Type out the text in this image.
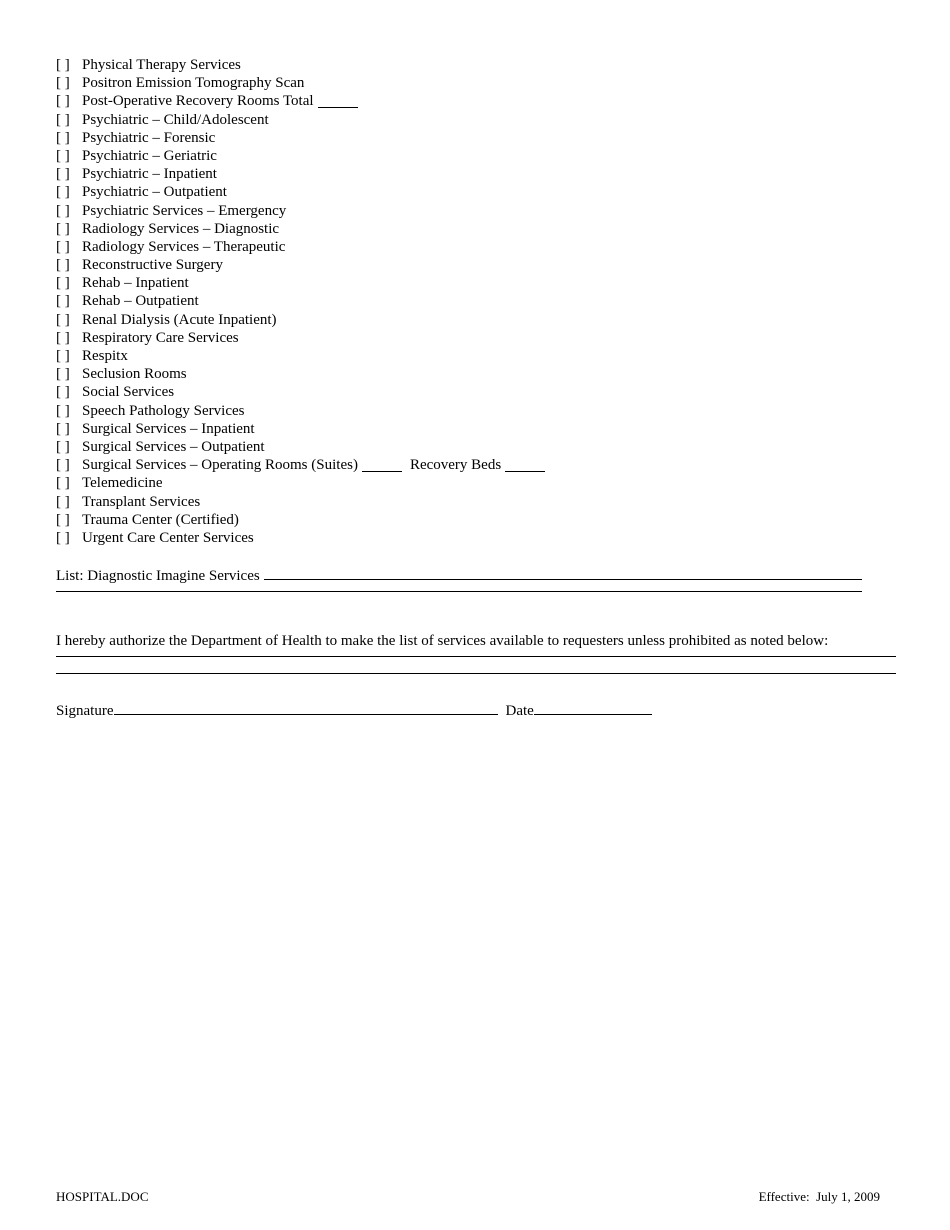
[ ] Physical Therapy Services
[ ] Positron Emission Tomography Scan
[ ] Post-Operative Recovery Rooms Total
[ ] Psychiatric – Child/Adolescent
[ ] Psychiatric – Forensic
[ ] Psychiatric – Geriatric
[ ] Psychiatric – Inpatient
[ ] Psychiatric – Outpatient
[ ] Psychiatric Services – Emergency
[ ] Radiology Services – Diagnostic
[ ] Radiology Services – Therapeutic
[ ] Reconstructive Surgery
[ ] Rehab – Inpatient
[ ] Rehab – Outpatient
[ ] Renal Dialysis (Acute Inpatient)
[ ] Respiratory Care Services
[ ] Respitx
[ ] Seclusion Rooms
[ ] Social Services
[ ] Speech Pathology Services
[ ] Surgical Services – Inpatient
[ ] Surgical Services – Outpatient
[ ] Surgical Services – Operating Rooms (Suites)	Recovery Beds
[ ] Telemedicine
[ ] Transplant Services
[ ] Trauma Center (Certified)
[ ] Urgent Care Center Services
List: Diagnostic Imagine Services
I hereby authorize the Department of Health to make the list of services available to requesters unless prohibited as noted below:
Signature	Date
HOSPITAL.DOC	Effective:  July 1, 2009
